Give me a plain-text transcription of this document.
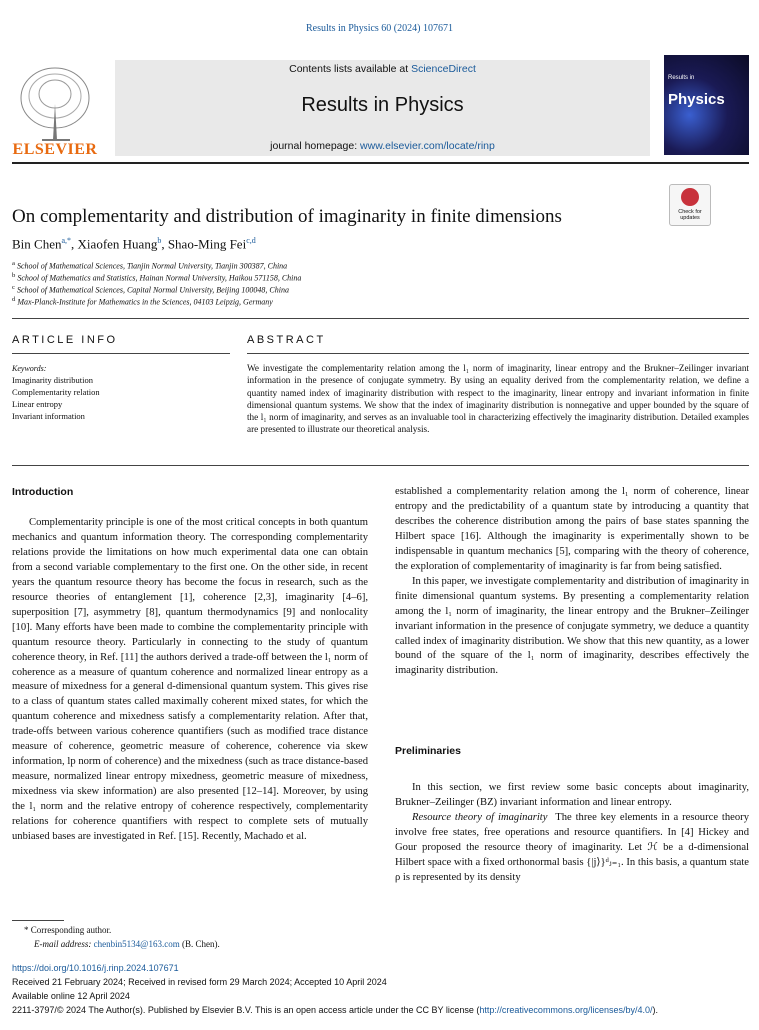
Results in Physics 60 (2024) 107671
ELSEVIER
Contents lists available at ScienceDirect
Results in Physics
journal homepage: www.elsevier.com/locate/rinp
Results in
Physics
Check for updates
On complementarity and distribution of imaginarity in finite dimensions
Bin Chen$^{a,*}$, Xiaofen Huang$^b$, Shao-Ming Fei$^{c,d}$
$^a$ School of Mathematical Sciences, Tianjin Normal University, Tianjin 300387, China
$^b$ School of Mathematics and Statistics, Hainan Normal University, Haikou 571158, China
$^c$ School of Mathematical Sciences, Capital Normal University, Beijing 100048, China
$^d$ Max-Planck-Institute for Mathematics in the Sciences, 04103 Leipzig, Germany
ARTICLE INFO	ABSTRACT
Keywords:
Imaginarity distribution
Complementarity relation
Linear entropy
Invariant information
We investigate the complementarity relation among the l₁ norm of imaginarity, linear entropy and the Brukner–Zeilinger invariant information in the presence of conjugate symmetry. By using an equality derived from the complementarity relation, we define a quantity named index of imaginarity distribution with respect to the imaginarity, linear entropy and invariant information in finite dimensional quantum systems. We show that the index of imaginarity distribution is nonnegative and upper bounded by the square of the l₁ norm of imaginarity, and serves as an invaluable tool in characterizing effectively the imaginarity distribution. Detailed examples are presented to illustrate our theoretical analysis.
Introduction

Complementarity principle is one of the most critical concepts in both quantum mechanics and quantum information theory. The corresponding complementarity relations provide the limitations on how much experimental data one can obtain from a second variable complementary to the first one. On the other side, in recent years the quantum resource theory has become the focus in research, such as the resource theories of entanglement [1], coherence [2,3], imaginarity [4–6], superposition [7], asymmetry [8], quantum thermodynamics [9] and nonlocality [10]. Many efforts have been made to combine the complementarity principle with quantum resource theory. Particularly in connecting to the study of quantum coherence theory, in Ref. [11] the authors derived a trade-off between the l₁ norm of coherence as a measure of quantum coherence and normalized linear entropy as a measure of mixedness for a general d-dimensional quantum system. This gives rise to a class of quantum states called maximally coherent mixed states, for which the quantum coherence and mixedness satisfy a complementarity relation. After that, trade-offs between various coherence quantifiers (such as modified trace distance measure of coherence, geometric measure of coherence, coherence via skew information, lp norm of coherence) and the mixedness (such as trace distance-based measure, normalized linear entropy mixedness, geometric measure of mixedness, mixedness via skew information) are also presented [12–14]. Moreover, by using the l₁ norm and the relative entropy of coherence respectively, complementarity relations for coherence quantifiers with respect to complete sets of mutually unbiased bases are investigated in Ref. [15]. Recently, Machado et al.

established a complementarity relation among the l₁ norm of coherence, linear entropy and the predictability of a quantum state by introducing a quantity that describes the coherence distribution among the pairs of base states spanning the Hilbert space [16]. Although the imaginarity is experimentally shown to be indispensable in quantum mechanics [5], comparing with the theory of coherence, the exploration of complementarity of imaginarity is far from being satisfied.

In this paper, we investigate complementarity and distribution of imaginarity in finite dimensional quantum systems. By presenting a complementarity relation among the l₁ norm of imaginarity, the linear entropy and the Brukner–Zeilinger invariant information in the presence of conjugate symmetry, we deduce a quantity called index of imaginarity distribution. We show that this new quantity, as a lower bound of the square of the l₁ norm of imaginarity, describes effectively the imaginarity distribution.

Preliminaries

In this section, we first review some basic concepts about imaginarity, Brukner–Zeilinger (BZ) invariant information and linear entropy.

Resource theory of imaginarity The three key elements in a resource theory involve free states, free operations and resource quantifiers. In [4] Hickey and Gour proposed the resource theory of imaginarity. Let ℋ be a d-dimensional Hilbert space with a fixed orthonormal basis {|j⟩}ᵈⱼ₌₁. In this basis, a quantum state ρ is represented by its density

* Corresponding author.
E-mail address: chenbin5134@163.com (B. Chen).
https://doi.org/10.1016/j.rinp.2024.107671
Received 21 February 2024; Received in revised form 29 March 2024; Accepted 10 April 2024
Available online 12 April 2024
2211-3797/© 2024 The Author(s). Published by Elsevier B.V. This is an open access article under the CC BY license (http://creativecommons.org/licenses/by/4.0/).
